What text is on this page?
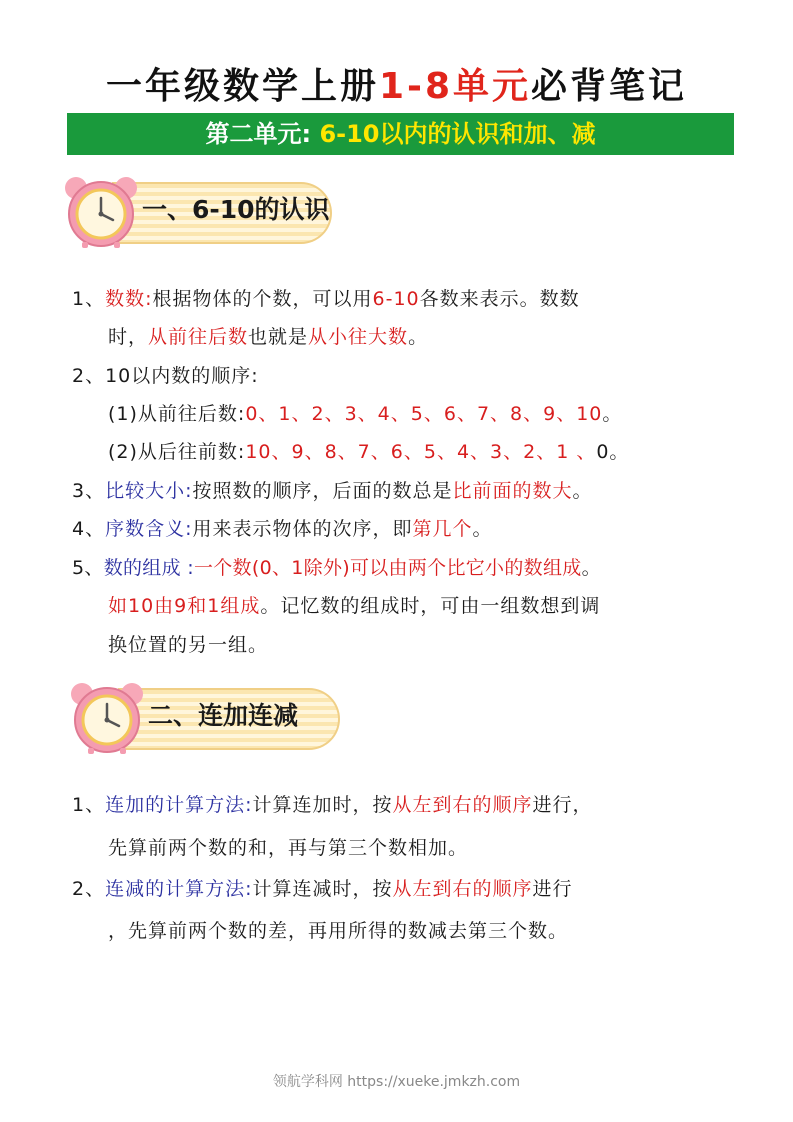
一年级数学上册1-8单元必背笔记
第二单元: 6-10以内的认识和加、减
一、6-10的认识
1、数数:根据物体的个数，可以用6-10各数来表示。数数
时，从前往后数也就是从小往大数。
2、10以内数的顺序:
(1)从前往后数:0、1、2、3、4、5、6、7、8、9、10。
(2)从后往前数:10、9、8、7、6、5、4、3、2、1 、0。
3、比较大小:按照数的顺序，后面的数总是比前面的数大。
4、序数含义:用来表示物体的次序，即第几个。
5、数的组成 :一个数(0、1除外)可以由两个比它小的数组成。
如10由9和1组成。记忆数的组成时，可由一组数想到调
换位置的另一组。
二、连加连减
1、连加的计算方法:计算连加时，按从左到右的顺序进行，
先算前两个数的和，再与第三个数相加。
2、连减的计算方法:计算连减时，按从左到右的顺序进行
，先算前两个数的差，再用所得的数减去第三个数。
领航学科网 https://xueke.jmkzh.com
